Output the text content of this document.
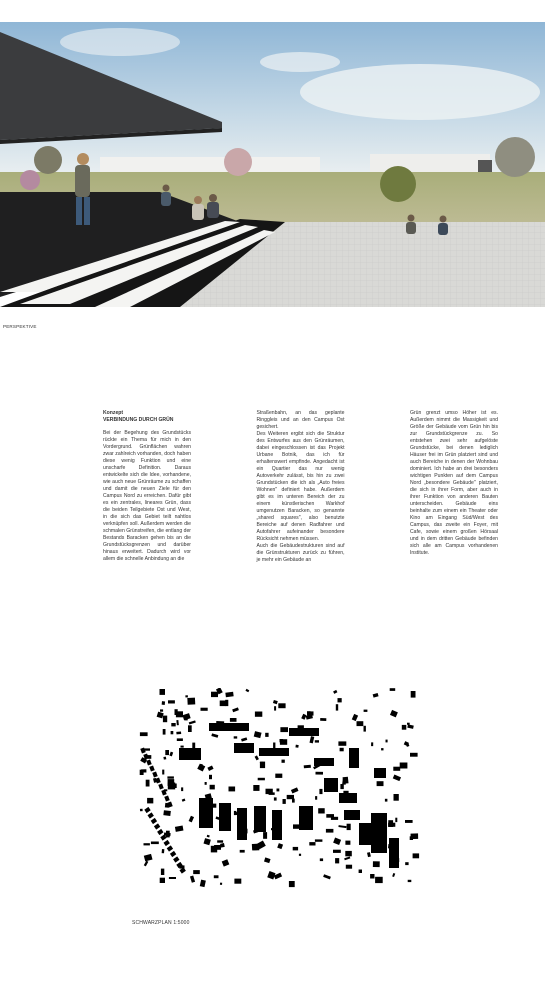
PERSPEKTIVE
Konzept
VERBINDUNG DURCH GRÜN
Bei der Begehung des Grundstücks rückte ein Thema für mich in den Vordergrund. Grünflächen wahren zwar zahlreich vorhanden, doch haben diese wenig Funktion und eine unscharfe Definition. Daraus entwickelte sich die Idee, vorhandene, wie auch neue Grünräume zu schaffen und damit die neuen Ziele für den Campus Nord zu erreichen. Dafür gibt es ein zentrales, lineares Grün, dass die beiden Teilgebiete Ost und West, in die sich das Gebiet teilt nahtlos verknüpfen soll. Außerdem werden die schmalen Grünstreifen, die entlang der Bestands Baracken gehen bis an die Grundstücksgrenzen und darüber hinaus erweitert. Dadurch wird vor allem die schnelle Anbindung an die
Straßenbahn, an das geplante Ringgleis und an den Campus Ost gesichert.
Des Weiteren ergibt sich die Struktur des Entwurfes aus den Grünräumen, dabei eingeschlossen ist das Projekt Urbane Botnik, das ich für erhaltenswert empfinde. Angedacht ist ein Quartier das nur wenig Autoverkehr zulässt, bis hin zu zwei Grundstücken die ich als „Auto freies Wohnen" definiert habe. Außerdem gibt es im unteren Bereich der zu einem künstlerischen Warkhof umgenutzen Baracken, so genannte „shared squares", also benutzte Bereiche auf denen Radfahrer und Autofahrer aufeinander besondere Rücksicht nehmen müssen.
Auch die Gebäudestrukturen sind auf die Grünstrukturen zurück zu führen, je mehr ein Gebäude an
Grün grenzt umso Höher ist es. Außerdem nimmt die Massigkeit und Größe der Gebäude vom Grün hin bis zur Grundstückgrenze zu. So entstehen zwei sehr aufgelöste Grundstücke, bei denen lediglich Häuser frei im Grün platziert sind und auch Bereiche in denen der Wohnbau dominiert. Ich habe an drei besonders wichtigen Punkten auf dem Campus Nord „besondere Gebäude" platziert, die sich in ihrer Form, aber auch in ihrer Funktion von anderen Bauten unterscheiden. Gebäude eins beinhalte zum einem ein Theater oder Kino am Eingang Süd/West des Campus, das zweite ein Foyer, mit Cafe, sowie einem großen Hörsaal und in dem dritten Gebäude befinden sich alle am Campus vorhandenen Institute.
SCHWARZPLAN 1:5000
